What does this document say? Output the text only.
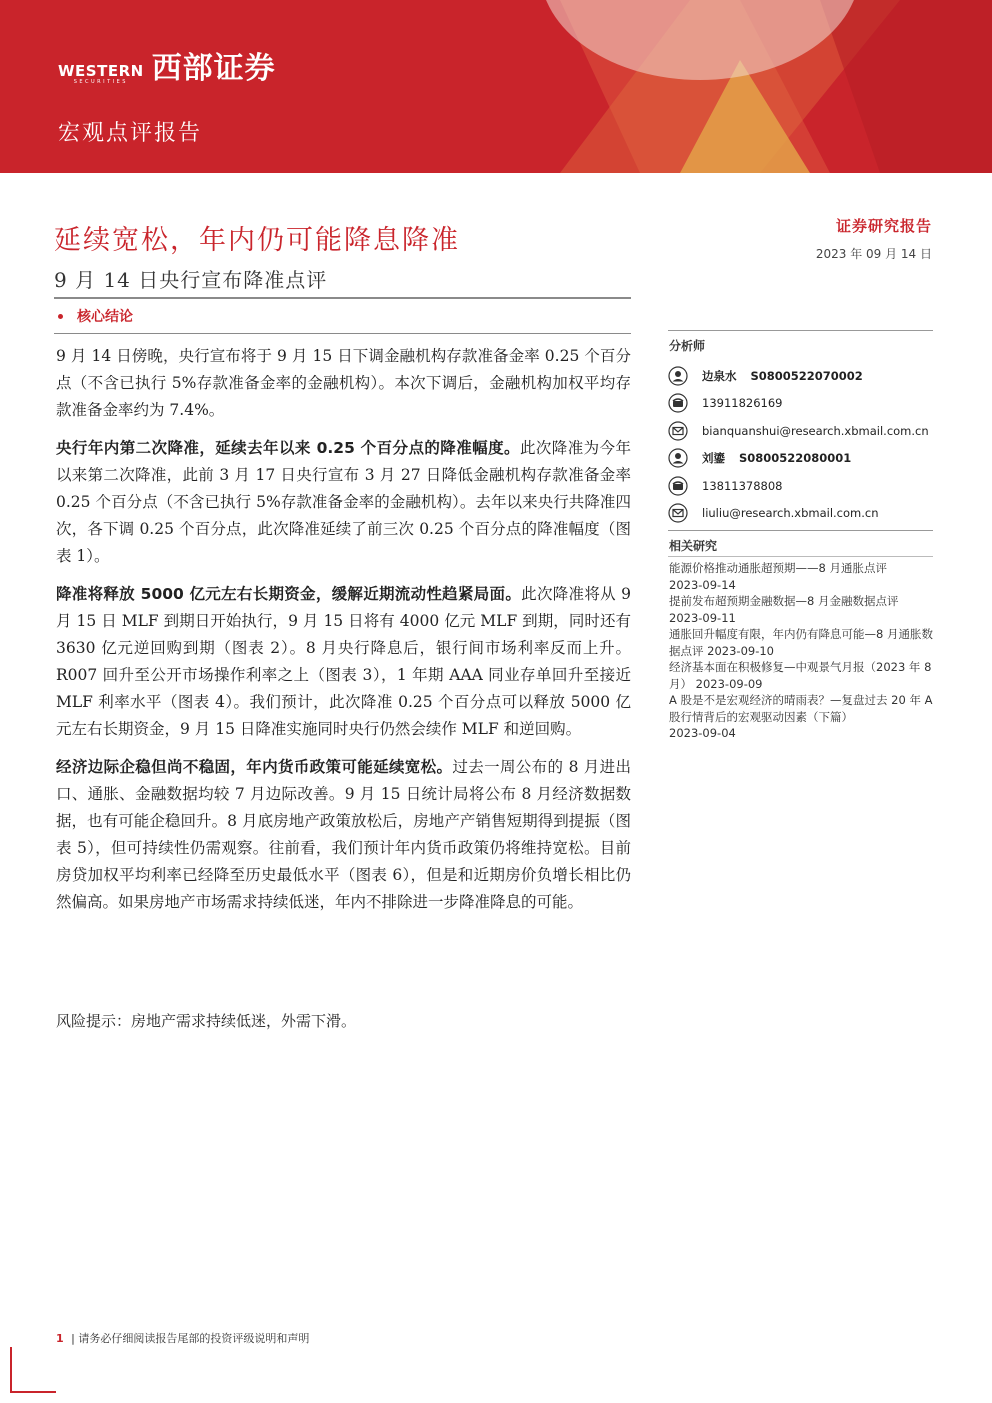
WESTERN
SECURITIES 西部证券
宏观点评报告
延续宽松，年内仍可能降息降准
9 月 14 日央行宣布降准点评
核心结论

9 月 14 日傍晚，央行宣布将于 9 月 15 日下调金融机构存款准备金率 0.25 个百分点（不含已执行 5%存款准备金率的金融机构）。本次下调后，金融机构加权平均存款准备金率约为 7.4%。

央行年内第二次降准，延续去年以来 0.25 个百分点的降准幅度。此次降准为今年以来第二次降准，此前 3 月 17 日央行宣布 3 月 27 日降低金融机构存款准备金率 0.25 个百分点（不含已执行 5%存款准备金率的金融机构）。去年以来央行共降准四次，各下调 0.25 个百分点，此次降准延续了前三次 0.25 个百分点的降准幅度（图表 1）。

降准将释放 5000 亿元左右长期资金，缓解近期流动性趋紧局面。此次降准将从 9 月 15 日 MLF 到期日开始执行，9 月 15 日将有 4000 亿元 MLF 到期，同时还有 3630 亿元逆回购到期（图表 2）。8 月央行降息后，银行间市场利率反而上升。R007 回升至公开市场操作利率之上（图表 3），1 年期 AAA 同业存单回升至接近 MLF 利率水平（图表 4）。我们预计，此次降准 0.25 个百分点可以释放 5000 亿元左右长期资金，9 月 15 日降准实施同时央行仍然会续作 MLF 和逆回购。

经济边际企稳但尚不稳固，年内货币政策可能延续宽松。过去一周公布的 8 月进出口、通胀、金融数据均较 7 月边际改善。9 月 15 日统计局将公布 8 月经济数据数据，也有可能企稳回升。8 月底房地产政策放松后，房地产产销售短期得到提振（图表 5），但可持续性仍需观察。往前看，我们预计年内货币政策仍将维持宽松。目前房贷加权平均利率已经降至历史最低水平（图表 6），但是和近期房价负增长相比仍然偏高。如果房地产市场需求持续低迷，年内不排除进一步降准降息的可能。

风险提示：房地产需求持续低迷，外需下滑。
证券研究报告
2023 年 09 月 14 日
分析师
边泉水 S0800522070002
13911826169
bianquanshui@research.xbmail.com.cn
刘鎏 S0800522080001
13811378808
liuliu@research.xbmail.com.cn
相关研究
能源价格推动通胀超预期——8 月通胀点评
2023-09-14
提前发布超预期金融数据—8 月金融数据点评
2023-09-11
通胀回升幅度有限，年内仍有降息可能—8 月通胀数据点评 2023-09-10
经济基本面在积极修复—中观景气月报（2023 年 8 月） 2023-09-09
A 股是不是宏观经济的晴雨表？—复盘过去 20 年 A 股行情背后的宏观驱动因素（下篇）
2023-09-04
1 | 请务必仔细阅读报告尾部的投资评级说明和声明
